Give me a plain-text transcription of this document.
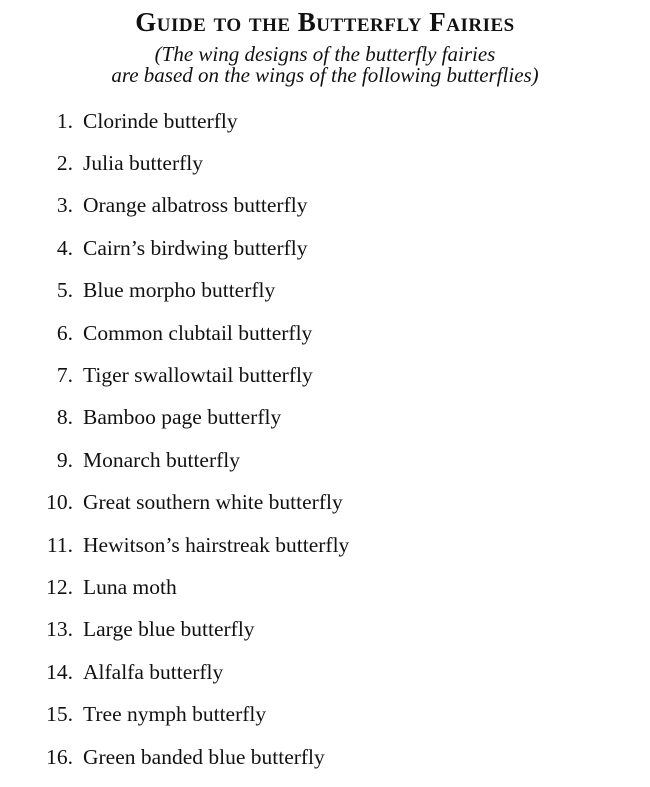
Guide to the Butterfly Fairies
(The wing designs of the butterfly fairies
are based on the wings of the following butterflies)
1. Clorinde butterfly
2. Julia butterfly
3. Orange albatross butterfly
4. Cairn’s birdwing butterfly
5. Blue morpho butterfly
6. Common clubtail butterfly
7. Tiger swallowtail butterfly
8. Bamboo page butterfly
9. Monarch butterfly
10. Great southern white butterfly
11. Hewitson’s hairstreak butterfly
12. Luna moth
13. Large blue butterfly
14. Alfalfa butterfly
15. Tree nymph butterfly
16. Green banded blue butterfly
